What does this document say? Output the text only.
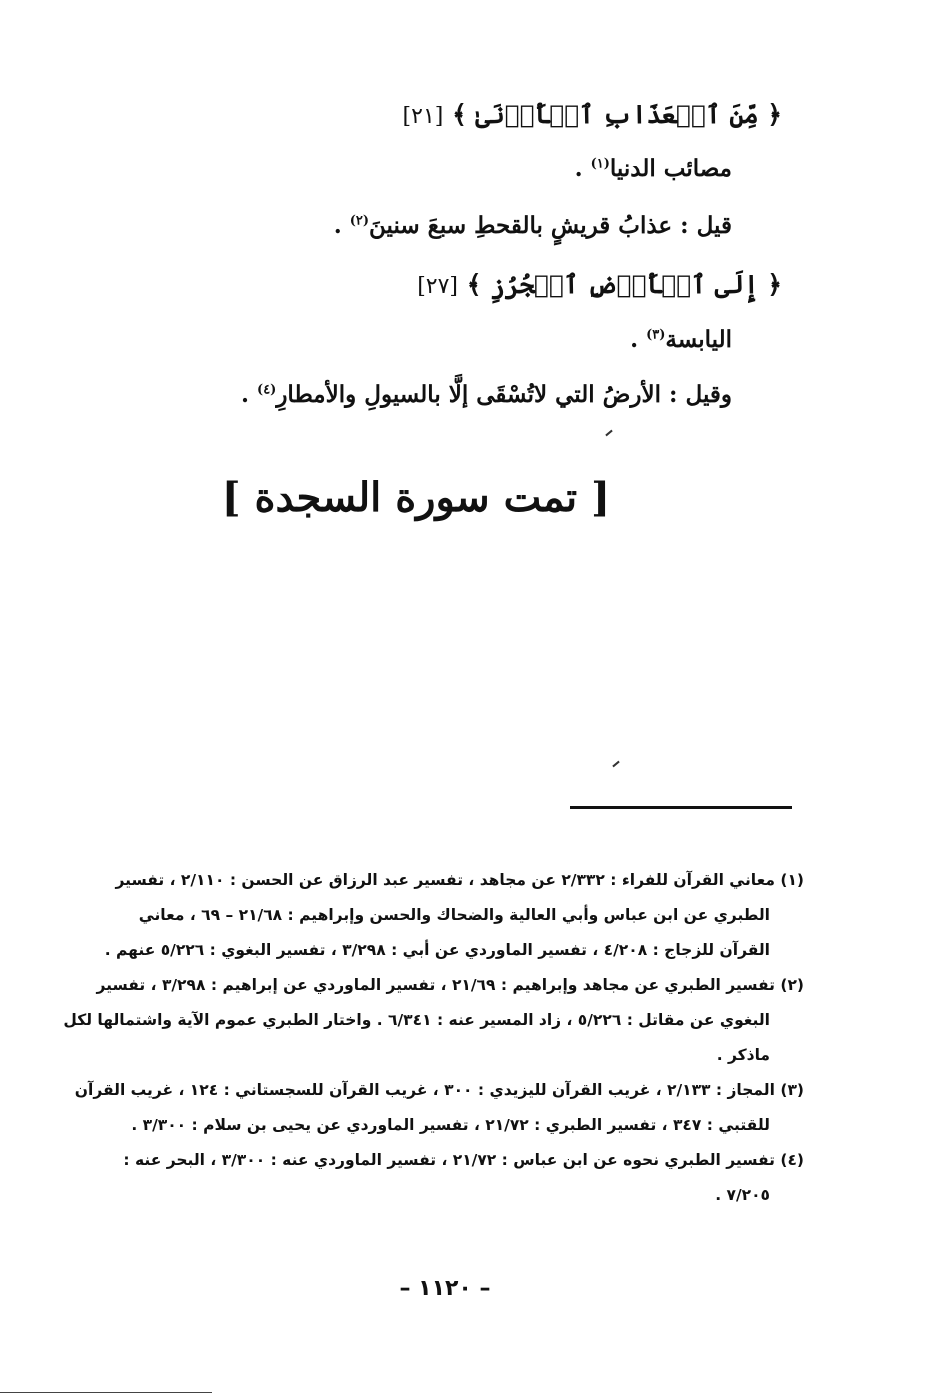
﴿ مِّنَ ٱلۡعَذَابِ ٱلۡأَدۡنَىٰ ﴾ [٢١]
مصائب الدنيا$^{(١)}$ .
قيل : عذابُ قريشٍ بالقحطِ سبعَ سنينَ$^{(٢)}$ .
﴿ إِلَى ٱلۡأَرۡضِ ٱلۡجُرُزِ ﴾ [٢٧]
اليابسة$^{(٣)}$ .
وقيل : الأرضُ التي لاتُسْقَى إلَّا بالسيولِ والأمطارِ$^{(٤)}$ .
[ تمت سورة السجدة ]
(١) معاني القرآن للفراء : ٢/٣٣٢ عن مجاهد ، تفسير عبد الرزاق عن الحسن : ٢/١١٠ ، تفسير
الطبري عن ابن عباس وأبي العالية والضحاك والحسن وإبراهيم : ٢١/٦٨ – ٦٩ ، معاني
القرآن للزجاج : ٤/٢٠٨ ، تفسير الماوردي عن أبي : ٣/٢٩٨ ، تفسير البغوي : ٥/٢٢٦ عنهم .
(٢) تفسير الطبري عن مجاهد وإبراهيم : ٢١/٦٩ ، تفسير الماوردي عن إبراهيم : ٣/٢٩٨ ، تفسير
البغوي عن مقاتل : ٥/٢٢٦ ، زاد المسير عنه : ٦/٣٤١ . واختار الطبري عموم الآية واشتمالها لكل
ماذكر .
(٣) المجاز : ٢/١٣٣ ، غريب القرآن لليزيدي : ٣٠٠ ، غريب القرآن للسجستاني : ١٢٤ ، غريب القرآن
للقتبي : ٣٤٧ ، تفسير الطبري : ٢١/٧٢ ، تفسير الماوردي عن يحيى بن سلام : ٣/٣٠٠ .
(٤) تفسير الطبري نحوه عن ابن عباس : ٢١/٧٢ ، تفسير الماوردي عنه : ٣/٣٠٠ ، البحر عنه :
٧/٢٠٥ .
– ١١٢٠ –
